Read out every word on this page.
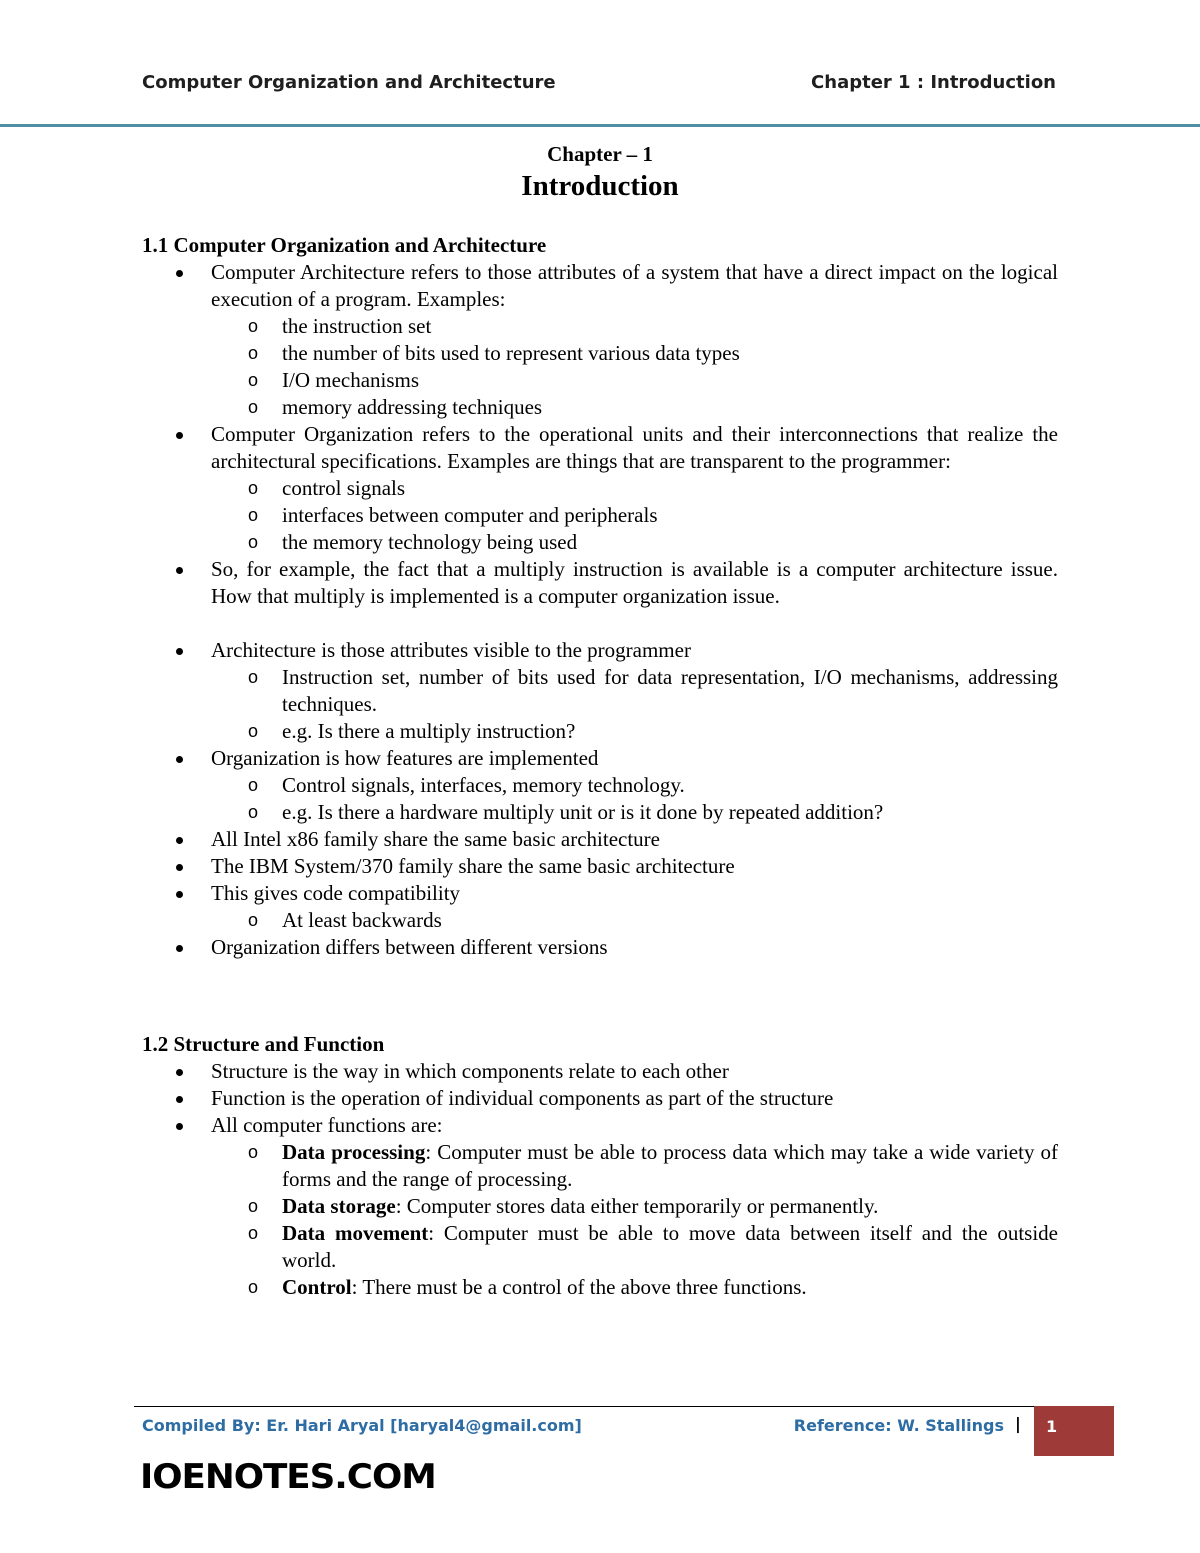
Computer Organization and Architecture	Chapter 1 : Introduction
Chapter – 1
Introduction

1.1 Computer Organization and Architecture

Computer Architecture refers to those attributes of a system that have a direct impact on the logical execution of a program. Examples:
o the instruction set
o the number of bits used to represent various data types
o I/O mechanisms
o memory addressing techniques
Computer Organization refers to the operational units and their interconnections that realize the architectural specifications. Examples are things that are transparent to the programmer:
o control signals
o interfaces between computer and peripherals
o the memory technology being used
So, for example, the fact that a multiply instruction is available is a computer architecture issue. How that multiply is implemented is a computer organization issue.
Architecture is those attributes visible to the programmer
o Instruction set, number of bits used for data representation, I/O mechanisms, addressing techniques.
o e.g. Is there a multiply instruction?
Organization is how features are implemented
o Control signals, interfaces, memory technology.
o e.g. Is there a hardware multiply unit or is it done by repeated addition?
All Intel x86 family share the same basic architecture
The IBM System/370 family share the same basic architecture
This gives code compatibility
o At least backwards
Organization differs between different versions

1.2 Structure and Function

Structure is the way in which components relate to each other
Function is the operation of individual components as part of the structure
All computer functions are:
o Data processing: Computer must be able to process data which may take a wide variety of forms and the range of processing.
o Data storage: Computer stores data either temporarily or permanently.
o Data movement: Computer must be able to move data between itself and the outside world.
o Control: There must be a control of the above three functions.
Compiled By: Er. Hari Aryal [haryal4@gmail.com]	Reference: W. Stallings |	1
IOENOTES.COM
